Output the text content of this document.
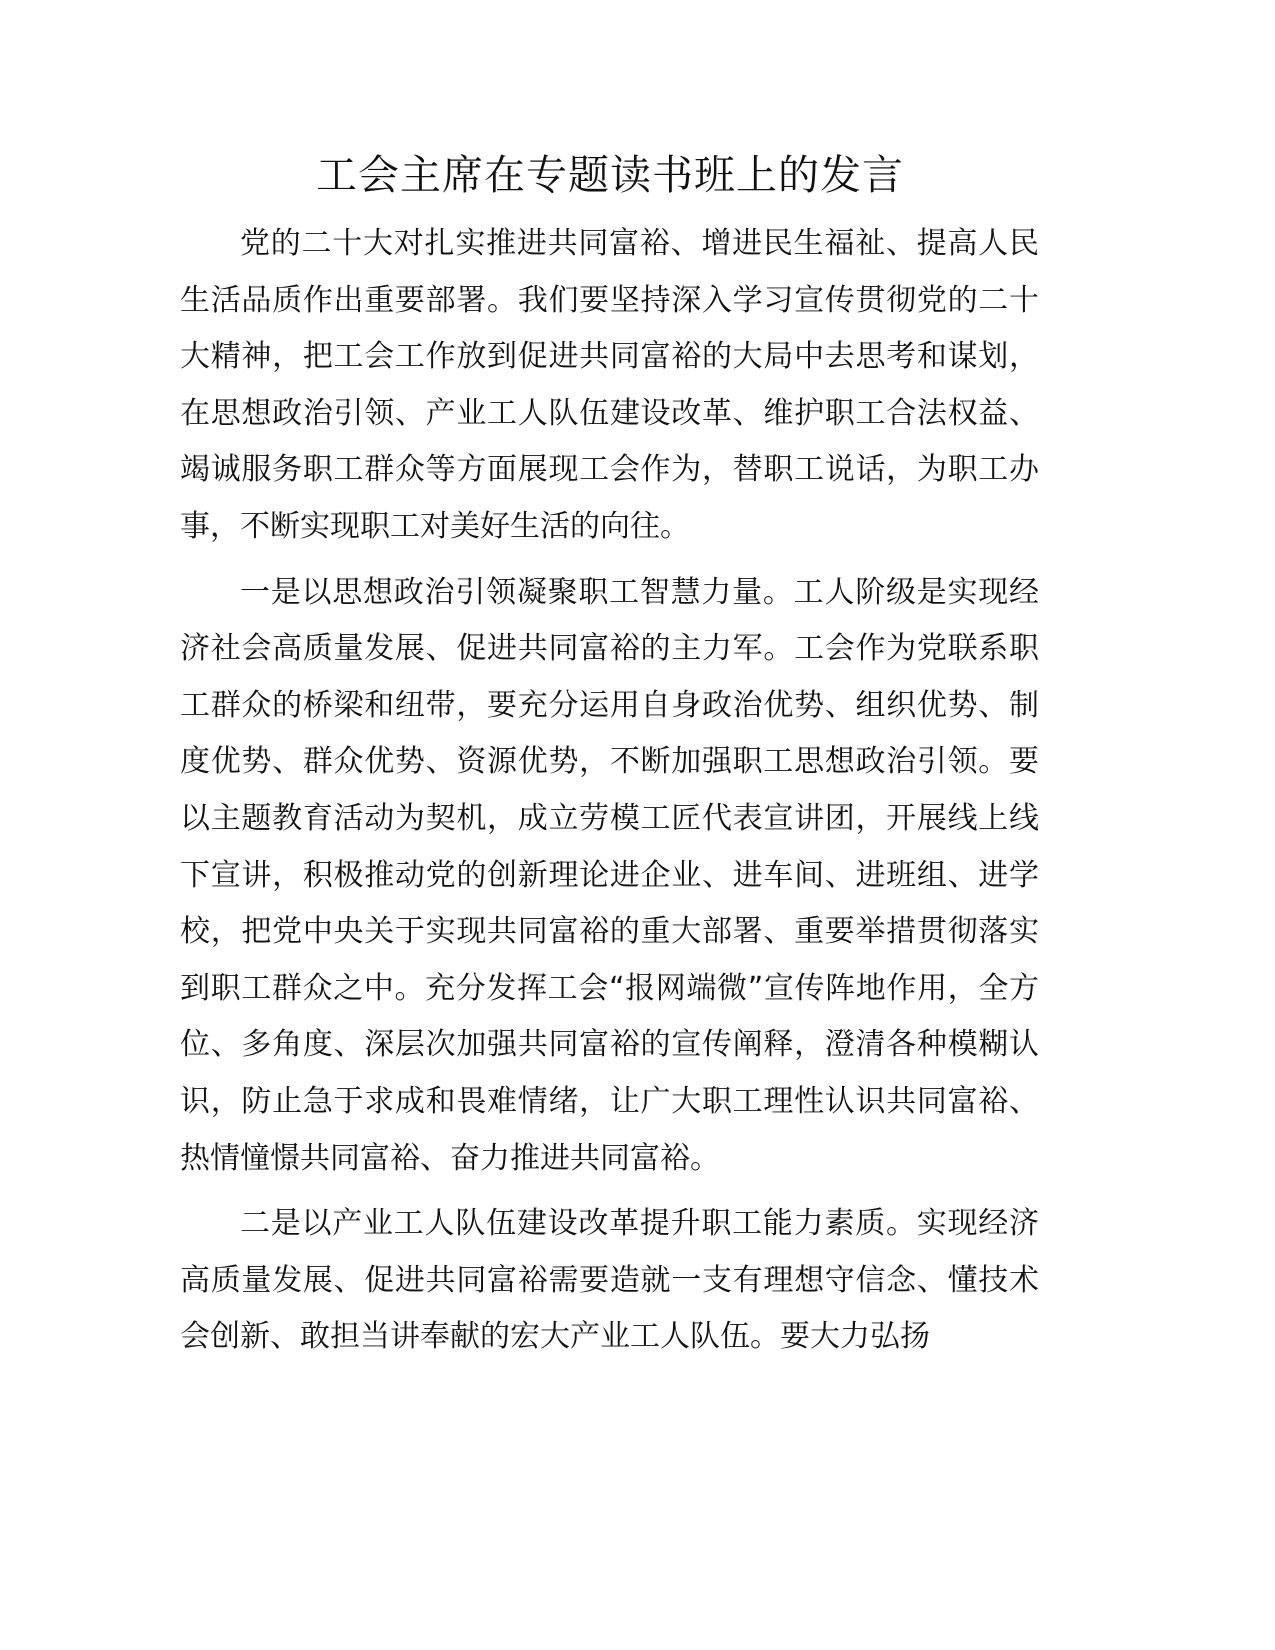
工会主席在专题读书班上的发言

党的二十大对扎实推进共同富裕、增进民生福祉、提高人民生活品质作出重要部署。我们要坚持深入学习宣传贯彻党的二十大精神，把工会工作放到促进共同富裕的大局中去思考和谋划，在思想政治引领、产业工人队伍建设改革、维护职工合法权益、竭诚服务职工群众等方面展现工会作为，替职工说话，为职工办事，不断实现职工对美好生活的向往。

一是以思想政治引领凝聚职工智慧力量。工人阶级是实现经济社会高质量发展、促进共同富裕的主力军。工会作为党联系职工群众的桥梁和纽带，要充分运用自身政治优势、组织优势、制度优势、群众优势、资源优势，不断加强职工思想政治引领。要以主题教育活动为契机，成立劳模工匠代表宣讲团，开展线上线下宣讲，积极推动党的创新理论进企业、进车间、进班组、进学校，把党中央关于实现共同富裕的重大部署、重要举措贯彻落实到职工群众之中。充分发挥工会“报网端微”宣传阵地作用，全方位、多角度、深层次加强共同富裕的宣传阐释，澄清各种模糊认识，防止急于求成和畏难情绪，让广大职工理性认识共同富裕、热情憧憬共同富裕、奋力推进共同富裕。

二是以产业工人队伍建设改革提升职工能力素质。实现经济高质量发展、促进共同富裕需要造就一支有理想守信念、懂技术会创新、敢担当讲奉献的宏大产业工人队伍。要大力弘扬
